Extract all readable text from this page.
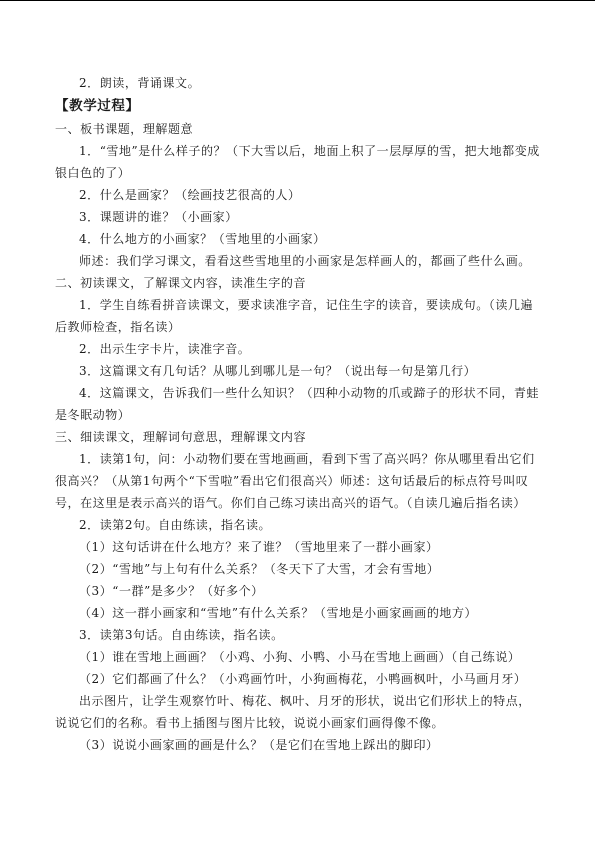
2．朗读，背诵课文。

【教学过程】

一、板书课题，理解题意

1．“雪地”是什么样子的？（下大雪以后，地面上积了一层厚厚的雪，把大地都变成银白色的了）

2．什么是画家？（绘画技艺很高的人）

3．课题讲的谁？（小画家）

4．什么地方的小画家？（雪地里的小画家）

师述：我们学习课文，看看这些雪地里的小画家是怎样画人的，都画了些什么画。

二、初读课文，了解课文内容，读准生字的音

1．学生自练看拼音读课文，要求读准字音，记住生字的读音，要读成句。（读几遍后教师检查，指名读）

2．出示生字卡片，读准字音。

3．这篇课文有几句话？从哪儿到哪儿是一句？（说出每一句是第几行）

4．这篇课文，告诉我们一些什么知识？（四种小动物的爪或蹄子的形状不同，青蛙是冬眠动物）

三、细读课文，理解词句意思，理解课文内容

1．读第1句，问：小动物们要在雪地画画，看到下雪了高兴吗？你从哪里看出它们很高兴？（从第1句两个“下雪啦”看出它们很高兴）师述：这句话最后的标点符号叫叹号，在这里是表示高兴的语气。你们自己练习读出高兴的语气。（自读几遍后指名读）

2．读第2句。自由练读，指名读。

（1）这句话讲在什么地方？来了谁？（雪地里来了一群小画家）

（2）“雪地”与上句有什么关系？（冬天下了大雪，才会有雪地）

（3）“一群”是多少？（好多个）

（4）这一群小画家和“雪地”有什么关系？（雪地是小画家画画的地方）

3．读第3句话。自由练读，指名读。

（1）谁在雪地上画画？（小鸡、小狗、小鸭、小马在雪地上画画）（自己练说）

（2）它们都画了什么？（小鸡画竹叶，小狗画梅花，小鸭画枫叶，小马画月牙）

出示图片，让学生观察竹叶、梅花、枫叶、月牙的形状，说出它们形状上的特点，说说它们的名称。看书上插图与图片比较，说说小画家们画得像不像。

（3）说说小画家画的画是什么？（是它们在雪地上踩出的脚印）
